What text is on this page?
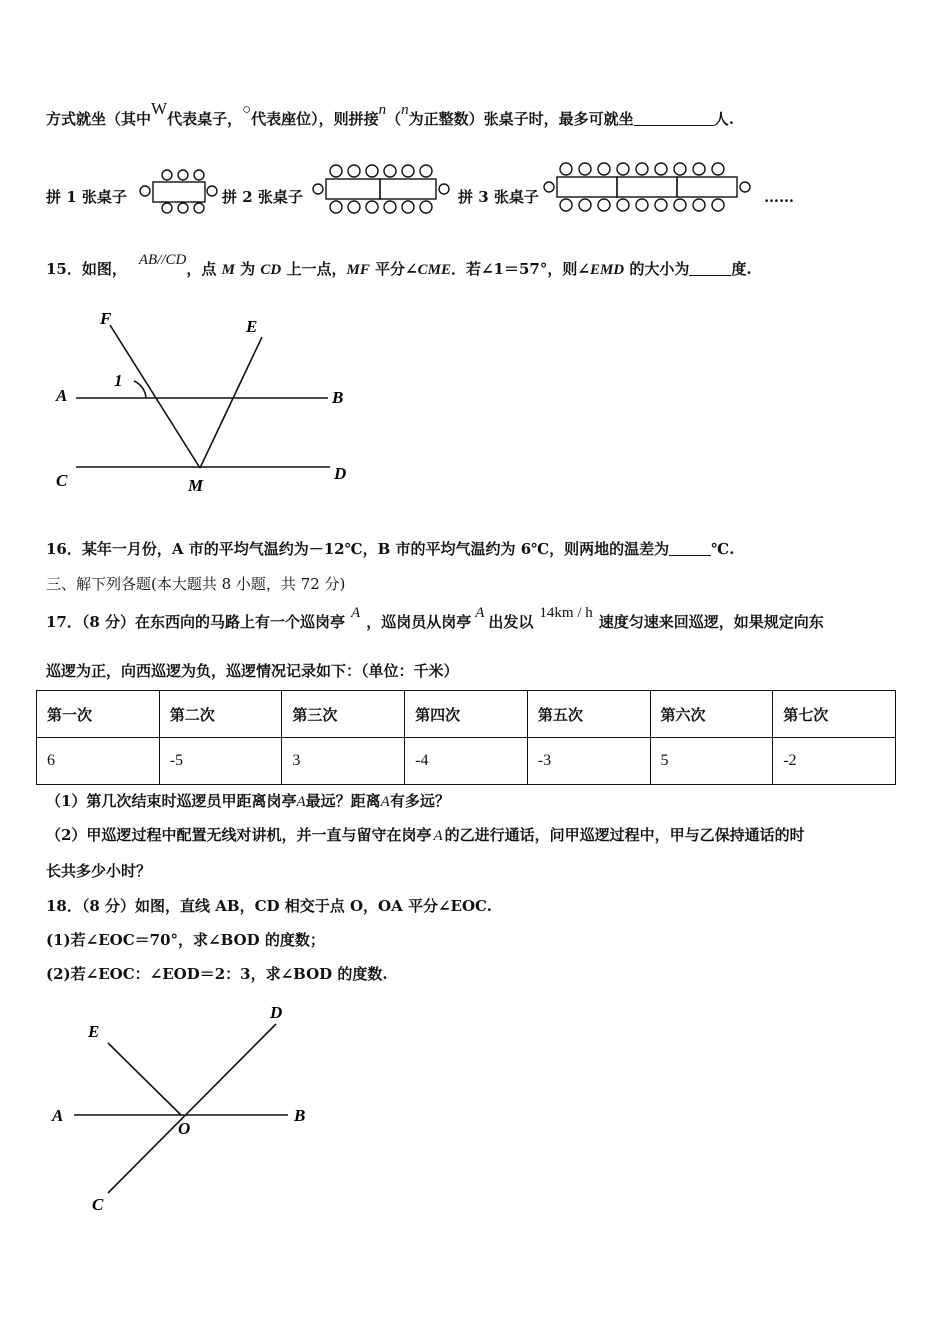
方式就坐（其中W代表桌子，○代表座位），则拼接n（n为正整数）张桌子时，最多可就坐	人.
拼 1 张桌子	拼 2 张桌子	拼 3 张桌子	……
15．如图， AB//CD，点 M 为 CD 上一点，MF 平分∠CME．若∠1＝57°，则∠EMD 的大小为	度.
F	E
A	B
C	D
M
1
16．某年一月份，A 市的平均气温约为－12℃，B 市的平均气温约为 6℃，则两地的温差为	℃.
三、解下列各题(本大题共 8 小题，共 72 分)
17．（8 分）在东西向的马路上有一个巡岗亭 A ，巡岗员从岗亭 A 出发以 14km / h 速度匀速来回巡逻，如果规定向东
巡逻为正，向西巡逻为负，巡逻情况记录如下：（单位：千米）
第一次	第二次	第三次	第四次	第五次	第六次	第七次
6	-5	3	-4	-3	5	-2
（1）第几次结束时巡逻员甲距离岗亭A最远？距离A有多远？
（2）甲巡逻过程中配置无线对讲机，并一直与留守在岗亭 A 的乙进行通话，问甲巡逻过程中，甲与乙保持通话的时
长共多少小时？
18．（8 分）如图，直线 AB，CD 相交于点 O，OA 平分∠EOC.
(1)若∠EOC＝70°，求∠BOD 的度数；
(2)若∠EOC：∠EOD＝2：3，求∠BOD 的度数.
E
D
A
O
B
C
